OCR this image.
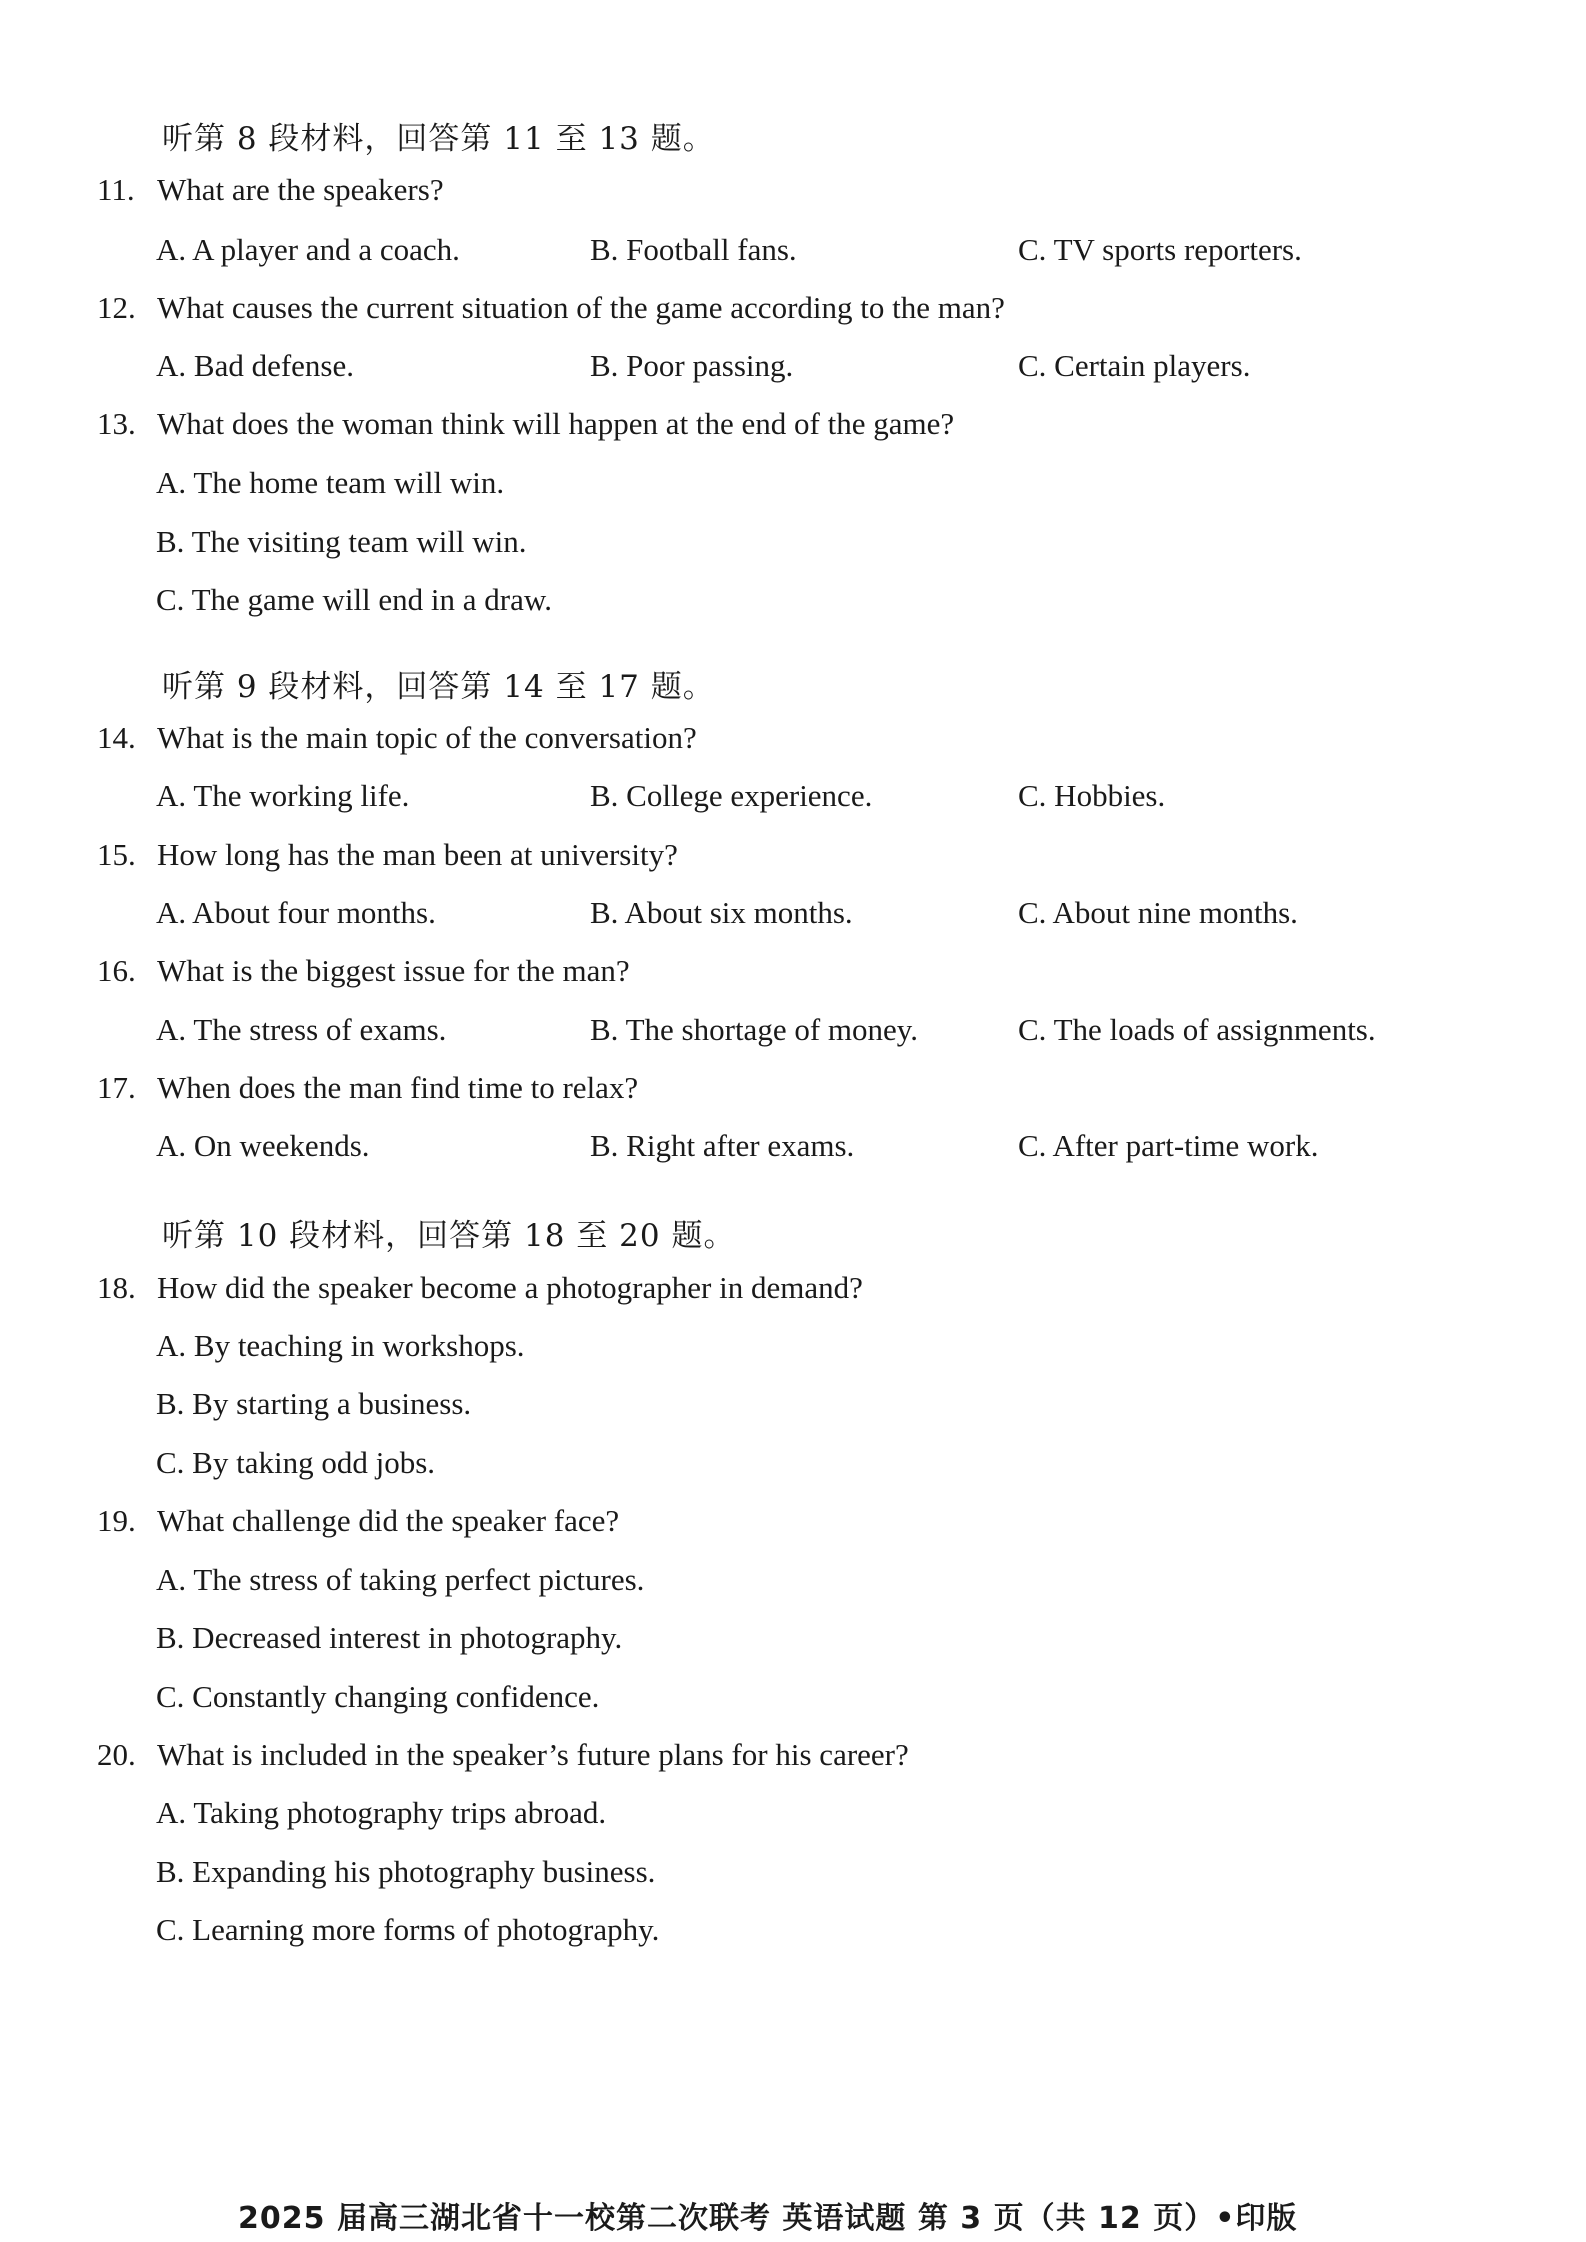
听第 8 段材料，回答第 11 至 13 题。
11. What are the speakers?
A. A player and a coach.	B. Football fans.	C. TV sports reporters.
12. What causes the current situation of the game according to the man?
A. Bad defense.	B. Poor passing.	C. Certain players.
13. What does the woman think will happen at the end of the game?
A. The home team will win.
B. The visiting team will win.
C. The game will end in a draw.
听第 9 段材料，回答第 14 至 17 题。
14. What is the main topic of the conversation?
A. The working life.	B. College experience.	C. Hobbies.
15. How long has the man been at university?
A. About four months.	B. About six months.	C. About nine months.
16. What is the biggest issue for the man?
A. The stress of exams.	B. The shortage of money.	C. The loads of assignments.
17. When does the man find time to relax?
A. On weekends.	B. Right after exams.	C. After part-time work.
听第 10 段材料，回答第 18 至 20 题。
18. How did the speaker become a photographer in demand?
A. By teaching in workshops.
B. By starting a business.
C. By taking odd jobs.
19. What challenge did the speaker face?
A. The stress of taking perfect pictures.
B. Decreased interest in photography.
C. Constantly changing confidence.
20. What is included in the speaker’s future plans for his career?
A. Taking photography trips abroad.
B. Expanding his photography business.
C. Learning more forms of photography.
2025 届高三湖北省十一校第二次联考 英语试题 第 3 页（共 12 页）•印版
